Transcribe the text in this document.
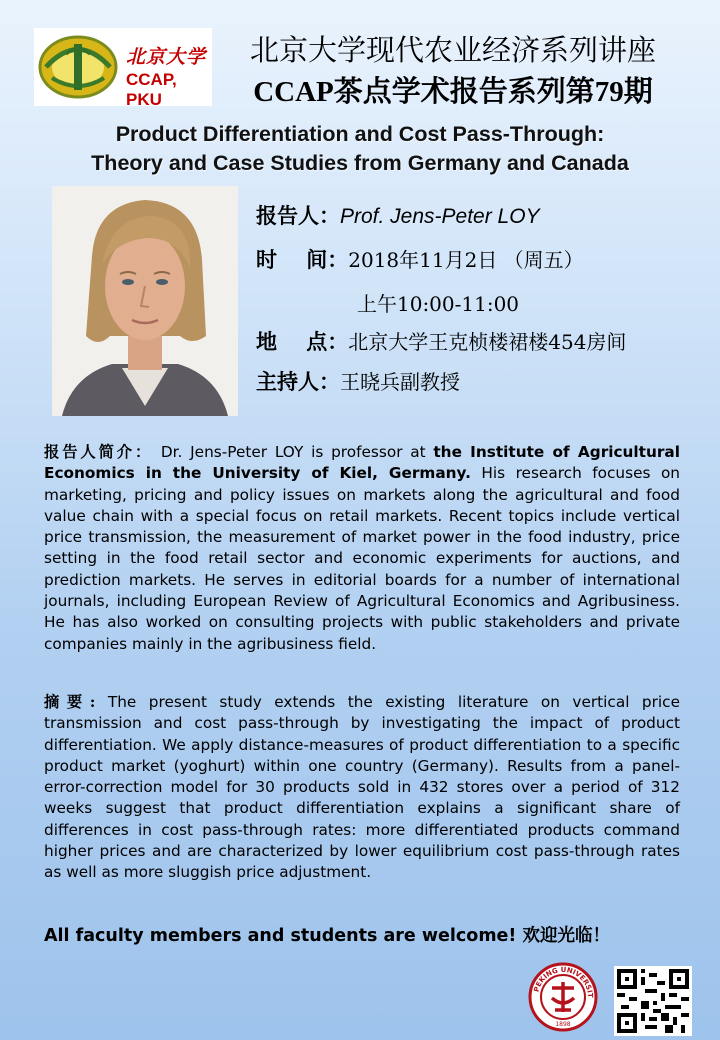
北京大学
CCAP, PKU
北京大学现代农业经济系列讲座
CCAP茶点学术报告系列第79期
Product Differentiation and Cost Pass-Through:
Theory and Case Studies from Germany and Canada
报告人：Prof. Jens-Peter LOY
时    间：2018年11月2日 （周五）
上午10:00-11:00
地    点：北京大学王克桢楼裙楼454房间
主持人：王晓兵副教授
报告人简介： Dr. Jens-Peter LOY is professor at the Institute of Agricultural Economics in the University of Kiel, Germany. His research focuses on marketing, pricing and policy issues on markets along the agricultural and food value chain with a special focus on retail markets. Recent topics include vertical price transmission, the measurement of market power in the food industry, price setting in the food retail sector and economic experiments for auctions, and prediction markets. He serves in editorial boards for a number of international journals, including European Review of Agricultural Economics and Agribusiness. He has also worked on consulting projects with public stakeholders and private companies mainly in the agribusiness field.
摘要: The present study extends the existing literature on vertical price transmission and cost pass-through by investigating the impact of product differentiation. We apply distance-measures of product differentiation to a specific product market (yoghurt) within one country (Germany). Results from a panel-error-correction model for 30 products sold in 432 stores over a period of 312 weeks suggest that product differentiation explains a significant share of differences in cost pass-through rates: more differentiated products command higher prices and are characterized by lower equilibrium cost pass-through rates as well as more sluggish price adjustment.
All faculty members and students are welcome! 欢迎光临！
PEKING UNIVERSIT
1898
